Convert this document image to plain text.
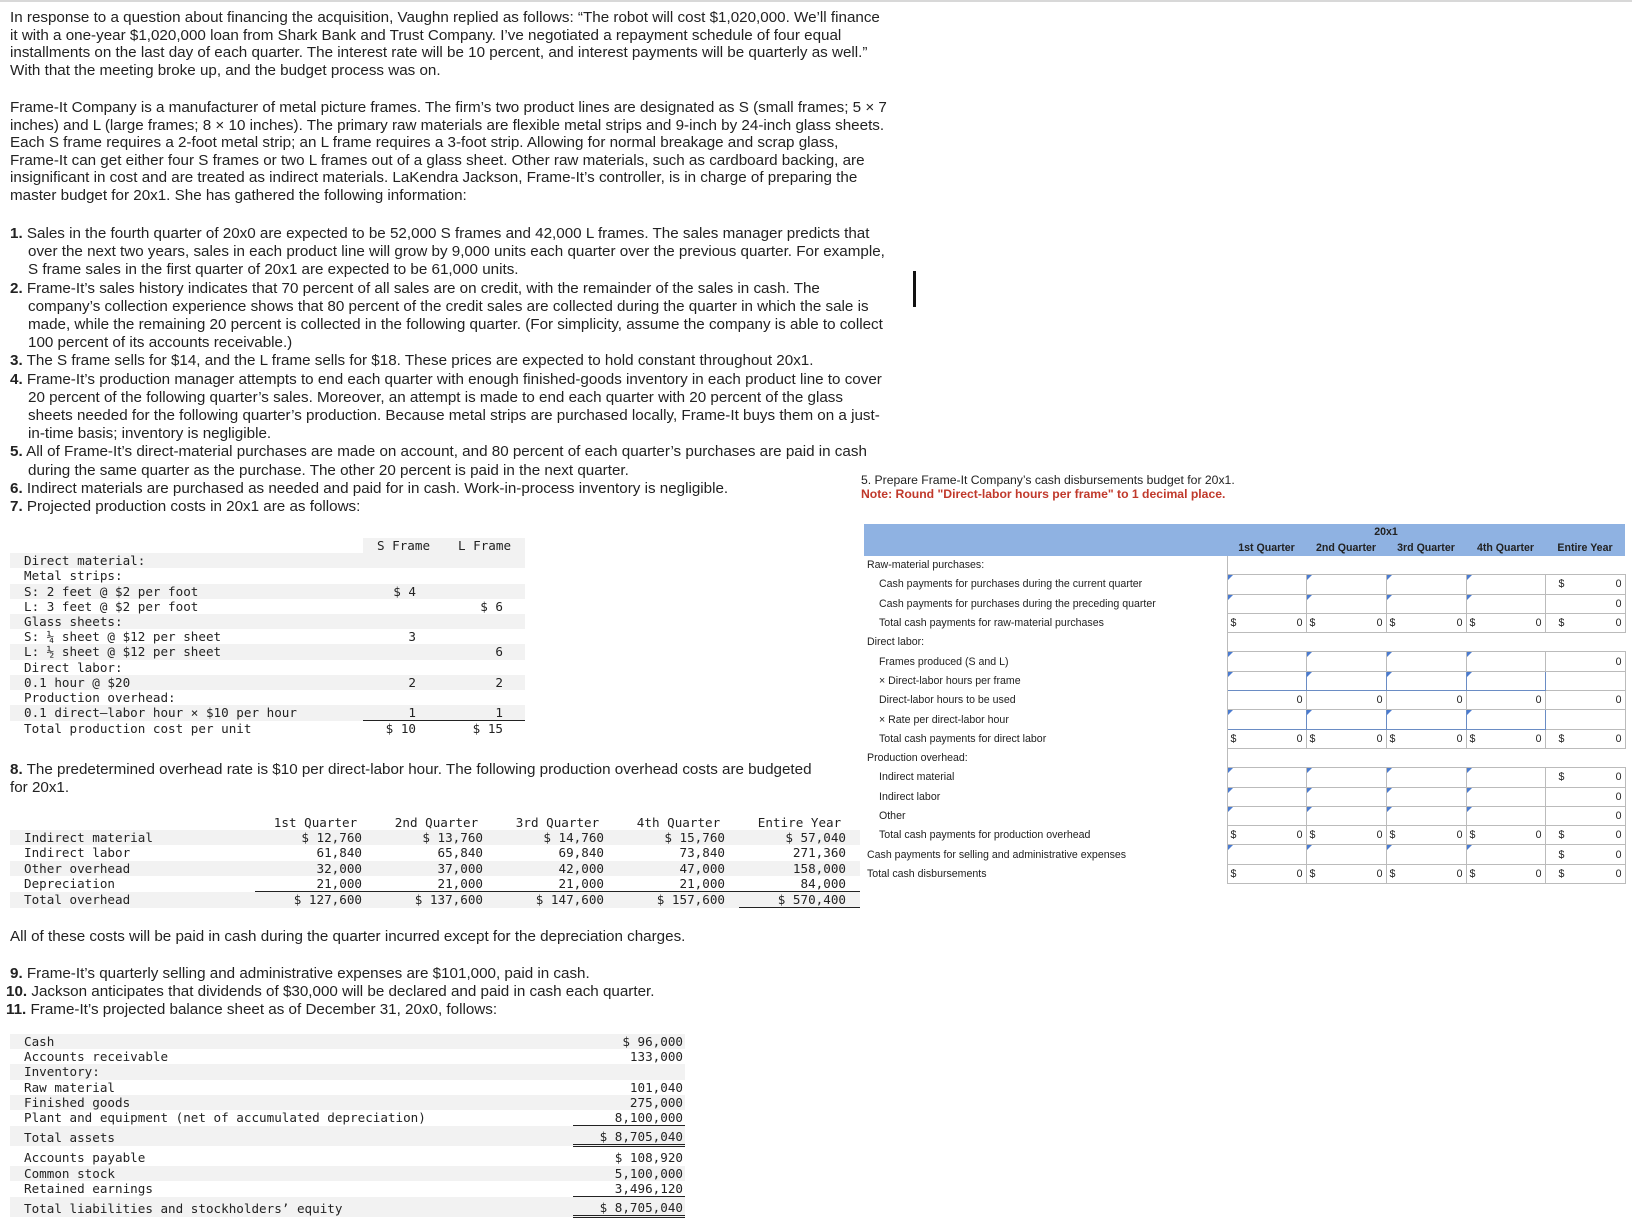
In response to a question about financing the acquisition, Vaughn replied as follows: “The robot will cost $1,020,000. We’ll finance it with a one-year $1,020,000 loan from Shark Bank and Trust Company. I’ve negotiated a repayment schedule of four equal installments on the last day of each quarter. The interest rate will be 10 percent, and interest payments will be quarterly as well.” With that the meeting broke up, and the budget process was on.

Frame-It Company is a manufacturer of metal picture frames. The firm’s two product lines are designated as S (small frames; 5 × 7 inches) and L (large frames; 8 × 10 inches). The primary raw materials are flexible metal strips and 9-inch by 24-inch glass sheets. Each S frame requires a 2-foot metal strip; an L frame requires a 3-foot strip. Allowing for normal breakage and scrap glass, Frame-It can get either four S frames or two L frames out of a glass sheet. Other raw materials, such as cardboard backing, are insignificant in cost and are treated as indirect materials. LaKendra Jackson, Frame-It’s controller, is in charge of preparing the master budget for 20x1. She has gathered the following information:

1. Sales in the fourth quarter of 20x0 are expected to be 52,000 S frames and 42,000 L frames. The sales manager predicts that over the next two years, sales in each product line will grow by 9,000 units each quarter over the previous quarter. For example, S frame sales in the first quarter of 20x1 are expected to be 61,000 units.
2. Frame-It’s sales history indicates that 70 percent of all sales are on credit, with the remainder of the sales in cash. The company’s collection experience shows that 80 percent of the credit sales are collected during the quarter in which the sale is made, while the remaining 20 percent is collected in the following quarter. (For simplicity, assume the company is able to collect 100 percent of its accounts receivable.)
3. The S frame sells for $14, and the L frame sells for $18. These prices are expected to hold constant throughout 20x1.
4. Frame-It’s production manager attempts to end each quarter with enough finished-goods inventory in each product line to cover 20 percent of the following quarter’s sales. Moreover, an attempt is made to end each quarter with 20 percent of the glass sheets needed for the following quarter’s production. Because metal strips are purchased locally, Frame-It buys them on a just-in-time basis; inventory is negligible.
5. All of Frame-It’s direct-material purchases are made on account, and 80 percent of each quarter’s purchases are paid in cash during the same quarter as the purchase. The other 20 percent is paid in the next quarter.
6. Indirect materials are purchased as needed and paid for in cash. Work-in-process inventory is negligible.
7. Projected production costs in 20x1 are as follows:
	S Frame	L Frame
Direct material:		
Metal strips:		
S: 2 feet @ $2 per foot	$ 4	
L: 3 feet @ $2 per foot		$ 6
Glass sheets:		
S: ¼ sheet @ $12 per sheet	3	
L: ½ sheet @ $12 per sheet		6
Direct labor:		
0.1 hour @ $20	2	2
Production overhead:		
0.1 direct–labor hour × $10 per hour	1	1
Total production cost per unit	$ 10	$ 15

8. The predetermined overhead rate is $10 per direct-labor hour. The following production overhead costs are budgeted for 20x1.

	1st Quarter	2nd Quarter	3rd Quarter	4th Quarter	Entire Year
Indirect material	$ 12,760	$ 13,760	$ 14,760	$ 15,760	$ 57,040
Indirect labor	61,840	65,840	69,840	73,840	271,360
Other overhead	32,000	37,000	42,000	47,000	158,000
Depreciation	21,000	21,000	21,000	21,000	84,000
Total overhead	$ 127,600	$ 137,600	$ 147,600	$ 157,600	$ 570,400

All of these costs will be paid in cash during the quarter incurred except for the depreciation charges.

9. Frame-It’s quarterly selling and administrative expenses are $101,000, paid in cash.
10. Jackson anticipates that dividends of $30,000 will be declared and paid in cash each quarter.
11. Frame-It’s projected balance sheet as of December 31, 20x0, follows:
Cash	$ 96,000
Accounts receivable	133,000
Inventory:	
Raw material	101,040
Finished goods	275,000
Plant and equipment (net of accumulated depreciation)	8,100,000
Total assets	$ 8,705,040
Accounts payable	$ 108,920
Common stock	5,100,000
Retained earnings	3,496,120
Total liabilities and stockholders’ equity	$ 8,705,040
5. Prepare Frame-It Company’s cash disbursements budget for 20x1.
Note: Round "Direct-labor hours per frame" to 1 decimal place.
	20x1				
	1st Quarter	2nd Quarter	3rd Quarter	4th Quarter	Entire Year
Raw-material purchases:					
Cash payments for purchases during the current quarter					$ 0

Cash payments for purchases during the preceding quarter					0

Total cash payments for raw-material purchases	$ 0	$ 0	$ 0	$ 0	$ 0

Direct labor:					
Frames produced (S and L)					0

× Direct-labor hours per frame					

Direct-labor hours to be used	0	0	0	0	0

× Rate per direct-labor hour					

Total cash payments for direct labor	$ 0	$ 0	$ 0	$ 0	$ 0

Production overhead:					
Indirect material					$ 0

Indirect labor					0

Other					0

Total cash payments for production overhead	$ 0	$ 0	$ 0	$ 0	$ 0

Cash payments for selling and administrative expenses					$ 0

Total cash disbursements	$ 0	$ 0	$ 0	$ 0	$ 0
